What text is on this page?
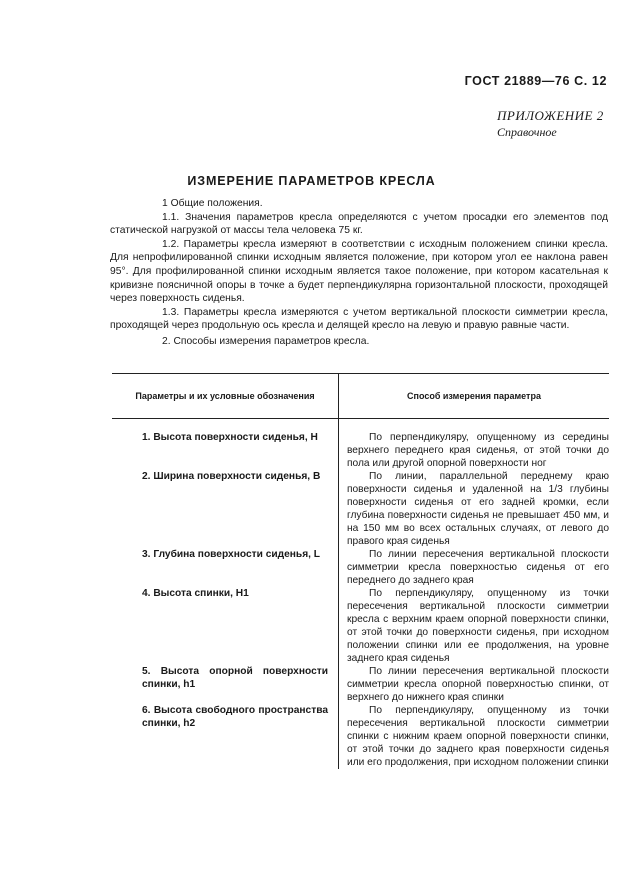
ГОСТ 21889—76 С. 12
ПРИЛОЖЕНИЕ 2
Справочное
ИЗМЕРЕНИЕ ПАРАМЕТРОВ КРЕСЛА

1 Общие положения.

1.1. Значения параметров кресла определяются с учетом просадки его элементов под статической нагрузкой от массы тела человека 75 кг.

1.2. Параметры кресла измеряют в соответствии с исходным положением спинки кресла. Для непрофилированной спинки исходным является положение, при котором угол ее наклона равен 95°. Для профилированной спинки исходным является такое положение, при котором касательная к кривизне поясничной опоры в точке а будет перпендикулярна горизонтальной плоскости, проходящей через поверхность сиденья.

1.3. Параметры кресла измеряются с учетом вертикальной плоскости симметрии кресла, проходящей через продольную ось кресла и делящей кресло на левую и правую равные части.

2. Способы измерения параметров кресла.

Параметры и их условные обозначения	Способ измерения параметра
1. Высота поверхности сиденья, H	По перпендикуляру, опущенному из середины верхнего переднего края сиденья, от этой точки до пола или другой опорной поверхности ног
2. Ширина поверхности сиденья, B	По линии, параллельной переднему краю поверхности сиденья и удаленной на 1/3 глубины поверхности сиденья от его задней кромки, если глубина поверхности сиденья не превышает 450 мм, и на 150 мм во всех остальных случаях, от левого до правого края сиденья
3. Глубина поверхности сиденья, L	По линии пересечения вертикальной плоскости симметрии кресла поверхностью сиденья от его переднего до заднего края
4. Высота спинки, H1	По перпендикуляру, опущенному из точки пересечения вертикальной плоскости симметрии кресла с верхним краем опорной поверхности спинки, от этой точки до поверхности сиденья, при исходном положении спинки или ее продолжения, на уровне заднего края сиденья
5. Высота опорной поверхности спинки, h1	По линии пересечения вертикальной плоскости симметрии кресла опорной поверхностью спинки, от верхнего до нижнего края спинки
6. Высота свободного пространства спинки, h2	По перпендикуляру, опущенному из точки пересечения вертикальной плоскости симметрии спинки с нижним краем опорной поверхности спинки, от этой точки до заднего края поверхности сиденья или его продолжения, при исходном положении спинки
